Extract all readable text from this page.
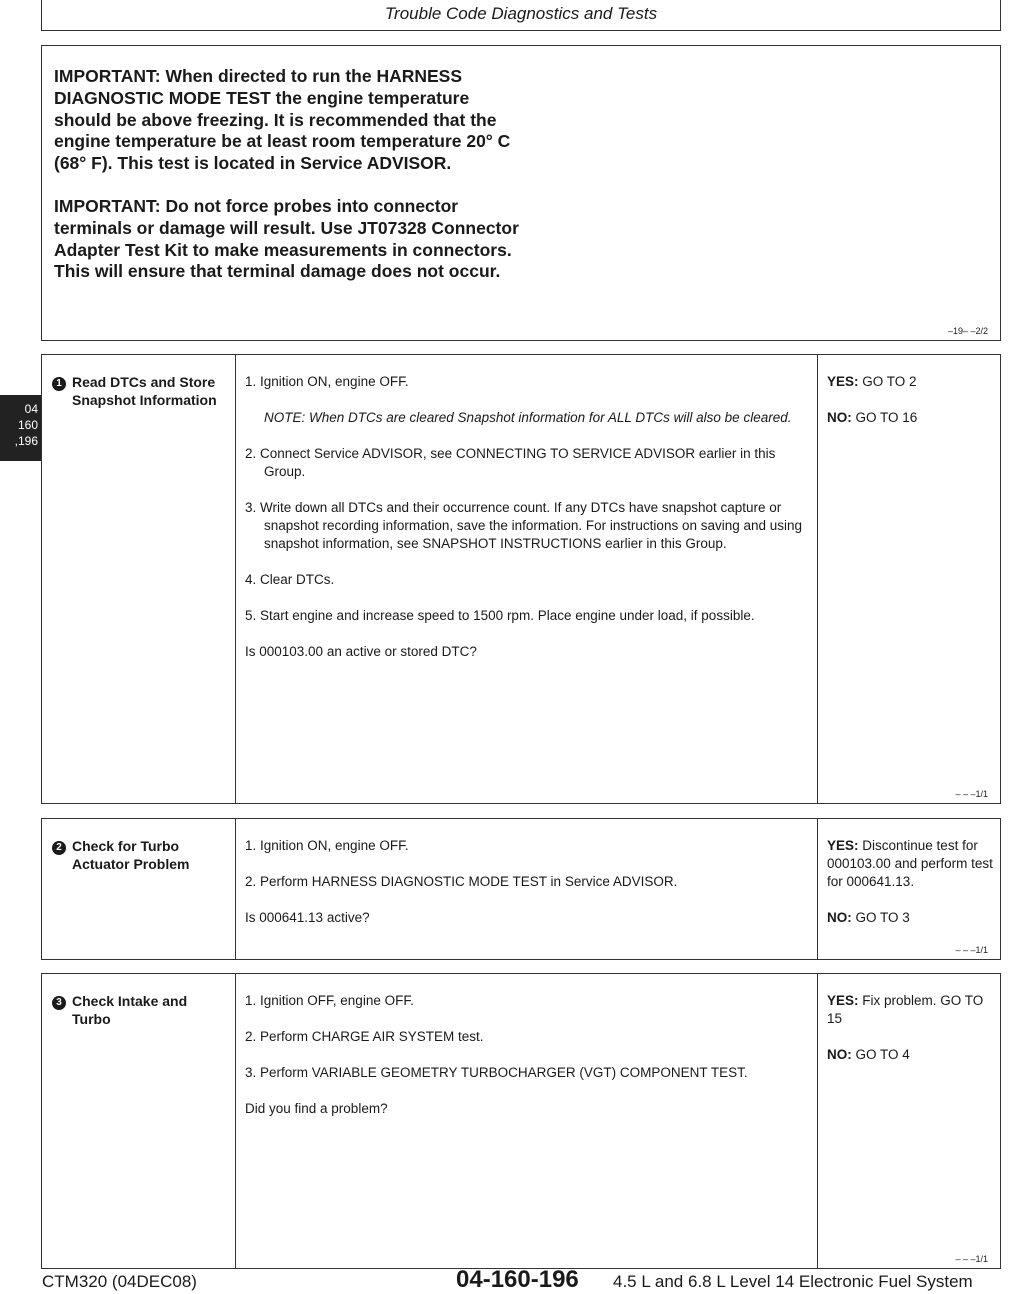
Trouble Code Diagnostics and Tests

IMPORTANT: When directed to run the HARNESS DIAGNOSTIC MODE TEST the engine temperature should be above freezing. It is recommended that the engine temperature be at least room temperature 20° C (68° F). This test is located in Service ADVISOR.

IMPORTANT: Do not force probes into connector terminals or damage will result. Use JT07328 Connector Adapter Test Kit to make measurements in connectors. This will ensure that terminal damage does not occur.

–19– –2/2
04
160
,196
1 Read DTCs and Store Snapshot Information
1. Ignition ON, engine OFF.
NOTE: When DTCs are cleared Snapshot information for ALL DTCs will also be cleared.
2. Connect Service ADVISOR, see CONNECTING TO SERVICE ADVISOR earlier in this Group.
3. Write down all DTCs and their occurrence count. If any DTCs have snapshot capture or snapshot recording information, save the information. For instructions on saving and using snapshot information, see SNAPSHOT INSTRUCTIONS earlier in this Group.
4. Clear DTCs.
5. Start engine and increase speed to 1500 rpm. Place engine under load, if possible.

Is 000103.00 an active or stored DTC?

YES: GO TO 2

NO: GO TO 16

– – –1/1
2 Check for Turbo Actuator Problem
1. Ignition ON, engine OFF.
2. Perform HARNESS DIAGNOSTIC MODE TEST in Service ADVISOR.

Is 000641.13 active?

YES: Discontinue test for 000103.00 and perform test for 000641.13.

NO: GO TO 3

– – –1/1
3 Check Intake and Turbo
1. Ignition OFF, engine OFF.
2. Perform CHARGE AIR SYSTEM test.
3. Perform VARIABLE GEOMETRY TURBOCHARGER (VGT) COMPONENT TEST.

Did you find a problem?

YES: Fix problem. GO TO 15

NO: GO TO 4

– – –1/1
CTM320 (04DEC08)	04-160-196 4.5 L and 6.8 L Level 14 Electronic Fuel System
